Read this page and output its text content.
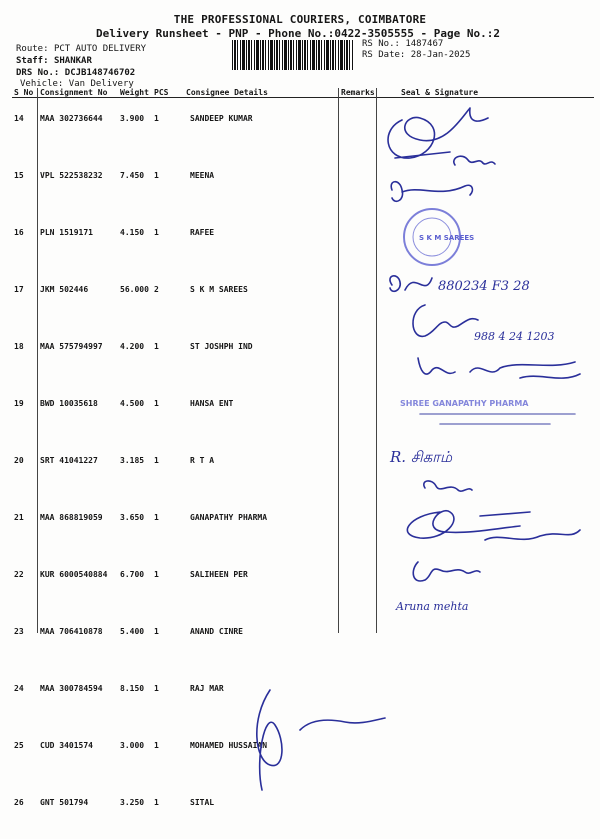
THE PROFESSIONAL COURIERS, COIMBATORE
Delivery Runsheet - PNP - Phone No.:0422-3505555 - Page No.:2
Route: PCT AUTO DELIVERY
Staff: SHANKAR
DRS No.: DCJB148746702
Vehicle: Van Delivery
RS No.: 1487467
RS Date: 28-Jan-2025
S No	Consignment No	Weight	PCS	Consignee Details	Remarks	Seal & Signature
14	MAA 302736644	3.900	1	SANDEEP KUMAR		
15	VPL 522538232	7.450	1	MEENA		
16	PLN 1519171	4.150	1	RAFEE		
17	JKM 502446	56.000	2	S K M SAREES		
18	MAA 575794997	4.200	1	ST JOSHPH IND		
19	BWD 10035618	4.500	1	HANSA ENT		
20	SRT 41041227	3.185	1	R T A		
21	MAA 868819059	3.650	1	GANAPATHY PHARMA		
22	KUR 6000540884	6.700	1	SALIHEEN PER		
23	MAA 706410878	5.400	1	ANAND CINRE		
24	MAA 300784594	8.150	1	RAJ MAR		
25	CUD 3401574	3.000	1	MOHAMED HUSSAIAN		
26	GNT 501794	3.250	1	SITAL		
S K M SAREES
880234 F3 28
988 4 24 1203
SHREE GANAPATHY PHARMA
R. சிகாம்
Aruna mehta
